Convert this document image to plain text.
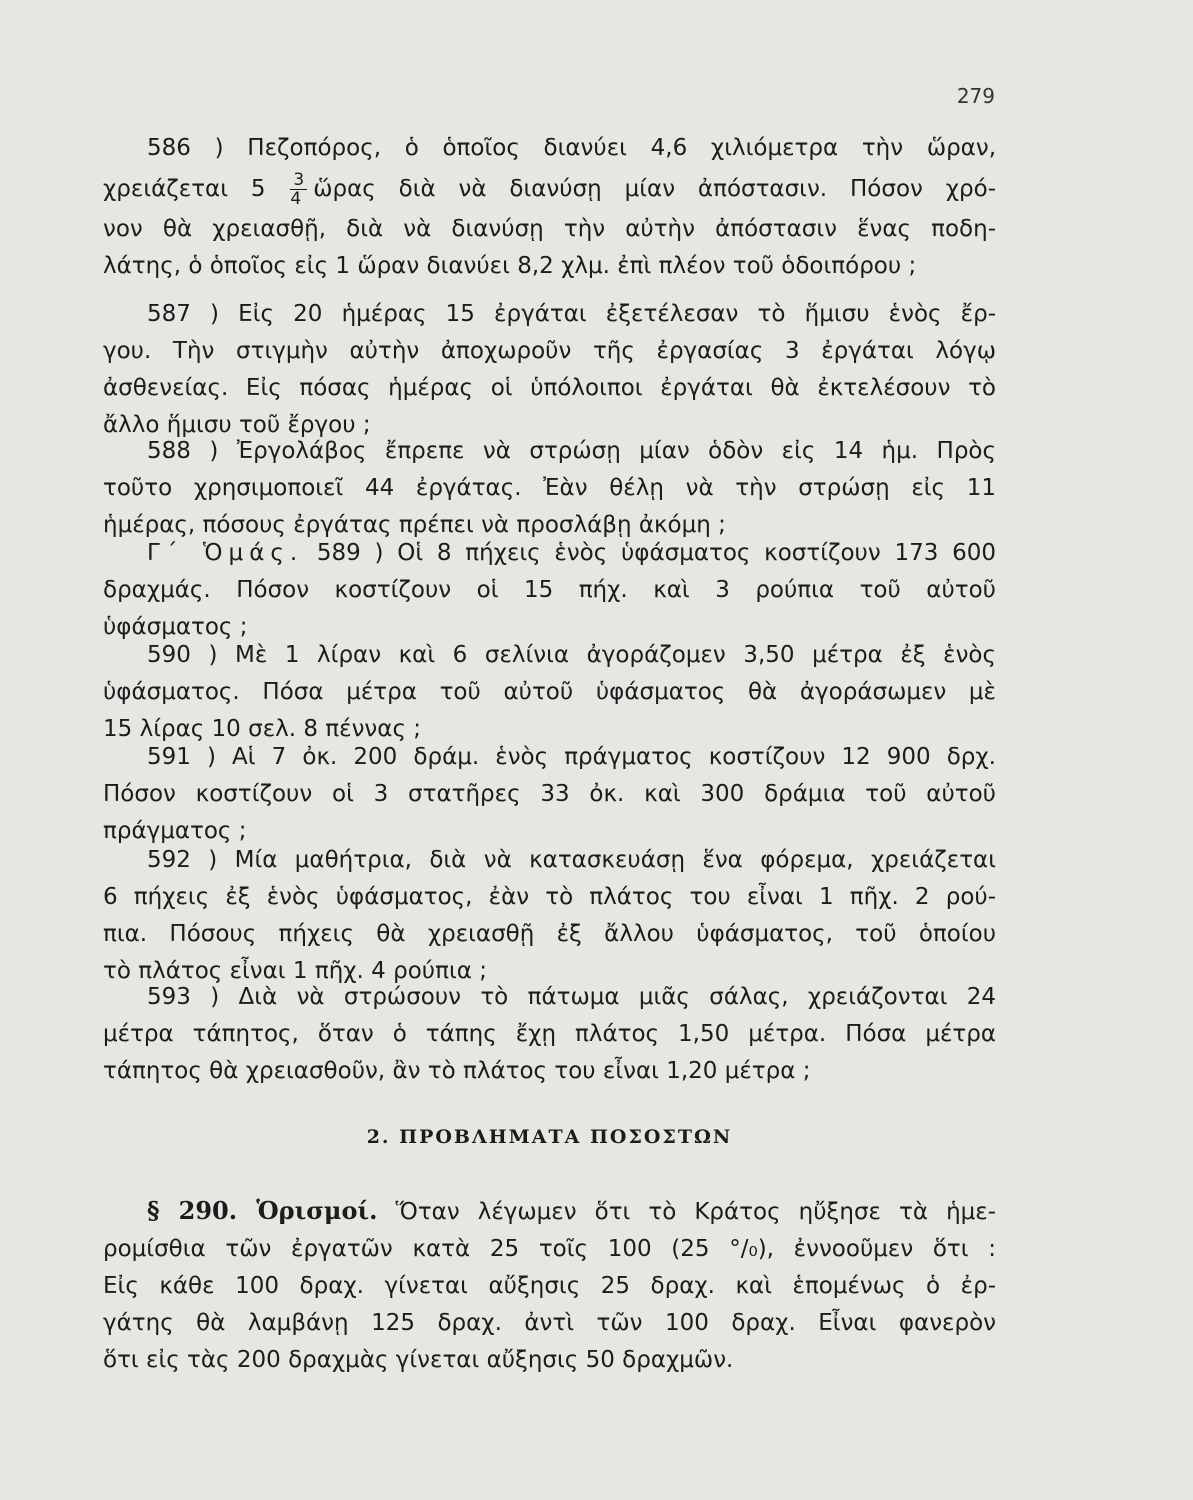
279

586 ) Πεζοπόρος, ὁ ὁποῖος διανύει 4,6 χιλιόμετρα τὴν ὥραν,

χρειάζεται $5 \frac{3}{4}$ ὥρας διὰ νὰ διανύσῃ μίαν ἀπόστασιν. Πόσον χρό-

νον θὰ χρειασθῇ, διὰ νὰ διανύσῃ τὴν αὐτὴν ἀπόστασιν ἕνας ποδη-

λάτης, ὁ ὁποῖος εἰς 1 ὥραν διανύει 8,2 χλμ. ἐπὶ πλέον τοῦ ὁδοιπόρου ;

587 ) Εἰς 20 ἡμέρας 15 ἐργάται ἐξετέλεσαν τὸ ἥμισυ ἑνὸς ἔρ-

γου. Τὴν στιγμὴν αὐτὴν ἀποχωροῦν τῆς ἐργασίας 3 ἐργάται λόγῳ

ἀσθενείας. Εἰς πόσας ἡμέρας οἱ ὑπόλοιποι ἐργάται θὰ ἐκτελέσουν τὸ

ἄλλο ἥμισυ τοῦ ἔργου ;

588 ) Ἐργολάβος ἔπρεπε νὰ στρώσῃ μίαν ὁδὸν εἰς 14 ἡμ. Πρὸς

τοῦτο χρησιμοποιεῖ 44 ἐργάτας. Ἐὰν θέλῃ νὰ τὴν στρώσῃ εἰς 11

ἡμέρας, πόσους ἐργάτας πρέπει νὰ προσλάβῃ ἀκόμη ;

Γ΄ Ὁμάς. 589 ) Οἱ 8 πήχεις ἑνὸς ὑφάσματος κοστίζουν 173 600

δραχμάς. Πόσον κοστίζουν οἱ 15 πήχ. καὶ 3 ρούπια τοῦ αὐτοῦ

ὑφάσματος ;

590 ) Μὲ 1 λίραν καὶ 6 σελίνια ἀγοράζομεν 3,50 μέτρα ἐξ ἑνὸς

ὑφάσματος. Πόσα μέτρα τοῦ αὐτοῦ ὑφάσματος θὰ ἀγοράσωμεν μὲ

15 λίρας 10 σελ. 8 πέννας ;

591 ) Αἱ 7 ὀκ. 200 δράμ. ἑνὸς πράγματος κοστίζουν 12 900 δρχ.

Πόσον κοστίζουν οἱ 3 στατῆρες 33 ὀκ. καὶ 300 δράμια τοῦ αὐτοῦ

πράγματος ;

592 ) Μία μαθήτρια, διὰ νὰ κατασκευάσῃ ἕνα φόρεμα, χρειάζεται

6 πήχεις ἐξ ἑνὸς ὑφάσματος, ἐὰν τὸ πλάτος του εἶναι 1 πῆχ. 2 ρού-

πια. Πόσους πήχεις θὰ χρειασθῇ ἐξ ἄλλου ὑφάσματος, τοῦ ὁποίου

τὸ πλάτος εἶναι 1 πῆχ. 4 ρούπια ;

593 ) Διὰ νὰ στρώσουν τὸ πάτωμα μιᾶς σάλας, χρειάζονται 24

μέτρα τάπητος, ὅταν ὁ τάπης ἔχῃ πλάτος 1,50 μέτρα. Πόσα μέτρα

τάπητος θὰ χρειασθοῦν, ἂν τὸ πλάτος του εἶναι 1,20 μέτρα ;

2. ΠΡΟΒΛΗΜΑΤΑ ΠΟΣΟΣΤΩΝ

§ 290. Ὁρισμοί. Ὅταν λέγωμεν ὅτι τὸ Κράτος ηὔξησε τὰ ἡμε-

ρομίσθια τῶν ἐργατῶν κατὰ 25 τοῖς 100 (25 °/₀), ἐννοοῦμεν ὅτι :

Εἰς κάθε 100 δραχ. γίνεται αὔξησις 25 δραχ. καὶ ἑπομένως ὁ ἐρ-

γάτης θὰ λαμβάνῃ 125 δραχ. ἀντὶ τῶν 100 δραχ. Εἶναι φανερὸν

ὅτι εἰς τὰς 200 δραχμὰς γίνεται αὔξησις 50 δραχμῶν.
